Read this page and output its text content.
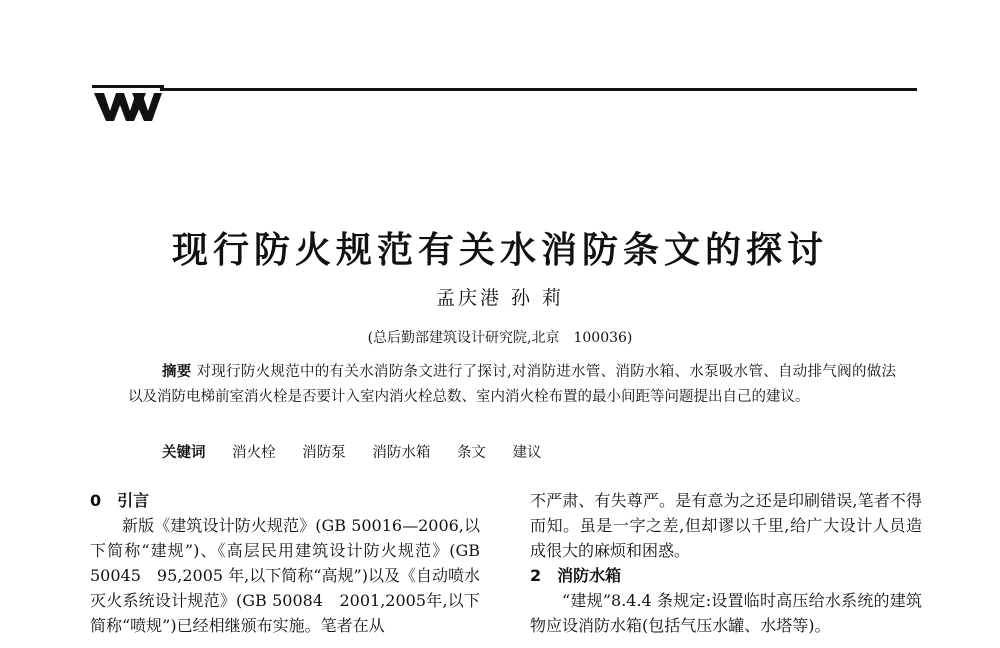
现行防火规范有关水消防条文的探讨
孟庆港 孙 莉
(总后勤部建筑设计研究院,北京　100036)
摘要 对现行防火规范中的有关水消防条文进行了探讨,对消防进水管、消防水箱、水泵吸水管、自动排气阀的做法以及消防电梯前室消火栓是否要计入室内消火栓总数、室内消火栓布置的最小间距等问题提出自己的建议。
关键词 消火栓 消防泵 消防水箱 条文 建议
0　引言

新版《建筑设计防火规范》(GB 50016—2006,以下简称“建规”)、《高层民用建筑设计防火规范》(GB 50045　95,2005 年,以下简称“高规”)以及《自动喷水灭火系统设计规范》(GB 50084　2001,2005年,以下简称“喷规”)已经相继颁布实施。笔者在从

不严肃、有失尊严。是有意为之还是印刷错误,笔者不得而知。虽是一字之差,但却谬以千里,给广大设计人员造成很大的麻烦和困惑。

2　消防水箱

“建规”8.4.4 条规定:设置临时高压给水系统的建筑物应设消防水箱(包括气压水罐、水塔等)。
